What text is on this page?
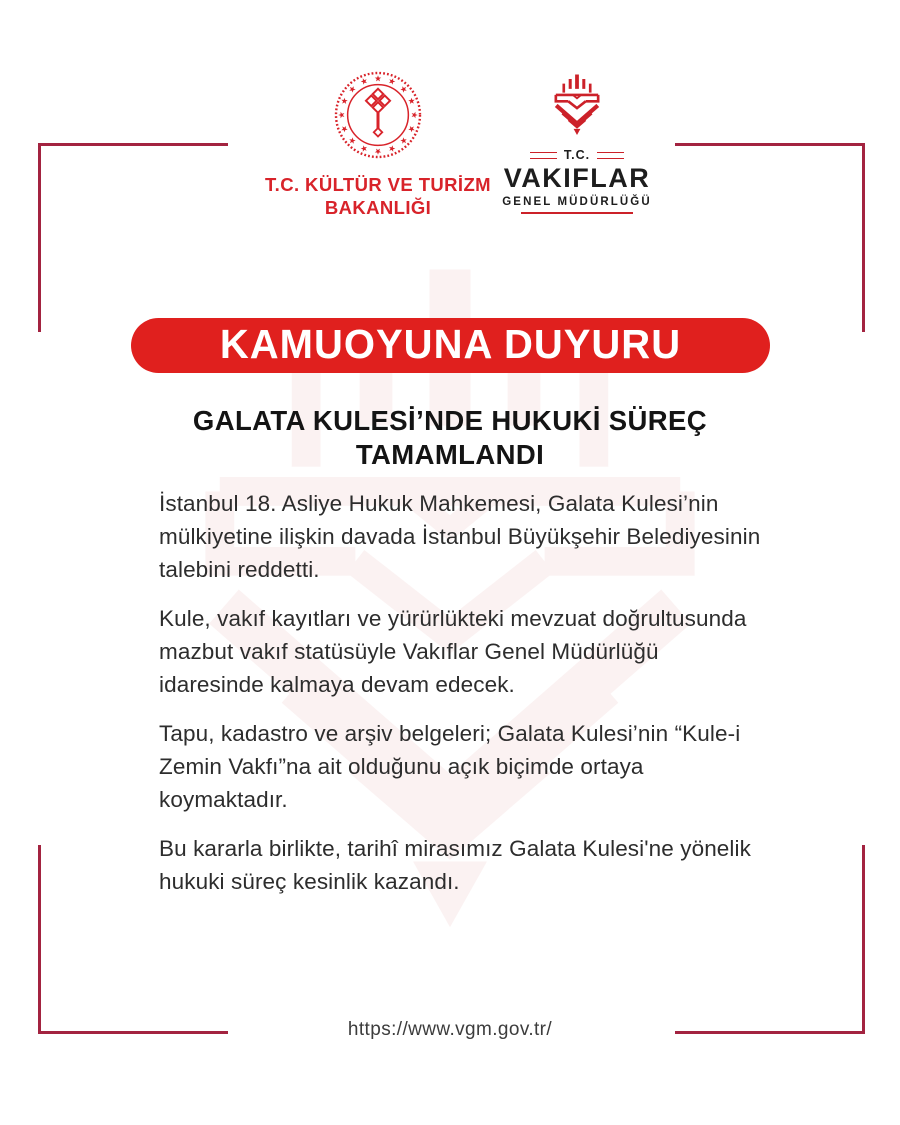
T.C. KÜLTÜR VE TURİZM
BAKANLIĞI
T.C.
VAKIFLAR
GENEL MÜDÜRLÜĞÜ
KAMUOYUNA DUYURU
GALATA KULESİ’NDE HUKUKİ SÜREÇ TAMAMLANDI

İstanbul 18. Asliye Hukuk Mahkemesi, Galata Kulesi’nin mülkiyetine ilişkin davada İstanbul Büyükşehir Belediyesinin talebini reddetti.

Kule, vakıf kayıtları ve yürürlükteki mevzuat doğrultusunda mazbut vakıf statüsüyle Vakıflar Genel Müdürlüğü idaresinde kalmaya devam edecek.

Tapu, kadastro ve arşiv belgeleri; Galata Kulesi’nin “Kule-i Zemin Vakfı”na ait olduğunu açık biçimde ortaya koymaktadır.

Bu kararla birlikte, tarihî mirasımız Galata Kulesi'ne yönelik hukuki süreç kesinlik kazandı.

https://www.vgm.gov.tr/
